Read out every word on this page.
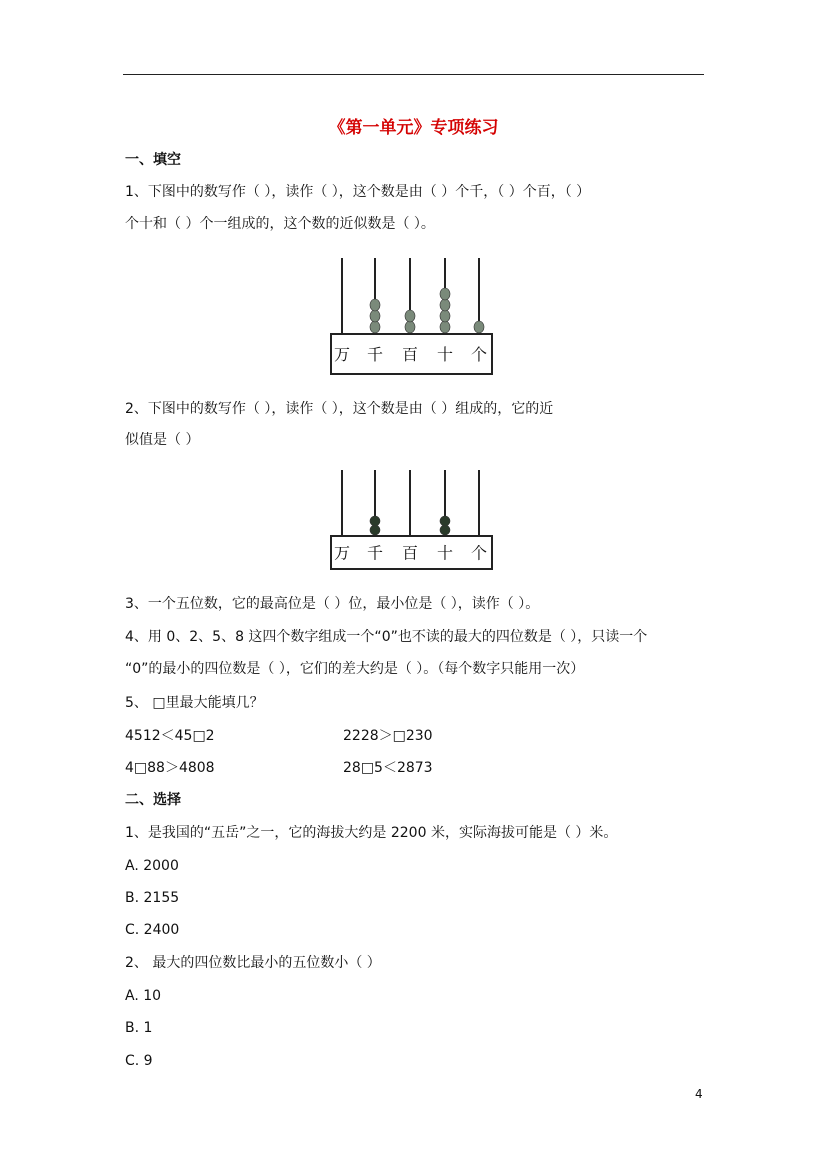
《第一单元》专项练习
一、填空
1、下图中的数写作（ ），读作（ ），这个数是由（ ）个千，（ ）个百，（ ）
个十和（ ）个一组成的，这个数的近似数是（ ）。
万 千 百 十 个
2、下图中的数写作（ ），读作（ ），这个数是由（ ）组成的，它的近
似值是（ ）
万 千 百 十 个
3、一个五位数，它的最高位是（ ）位，最小位是（ ），读作（ ）。
4、用 0、2、5、8 这四个数字组成一个“0”也不读的最大的四位数是（ ），只读一个
“0”的最小的四位数是（ ），它们的差大约是（ ）。（每个数字只能用一次）
5、 □里最大能填几？
4512＜45□2	2228＞□230
4□88＞4808	28□5＜2873
二、选择
1、是我国的“五岳”之一，它的海拔大约是 2200 米，实际海拔可能是（ ）米。
A. 2000
B. 2155
C. 2400
2、 最大的四位数比最小的五位数小（ ）
A. 10
B. 1
C. 9
4
